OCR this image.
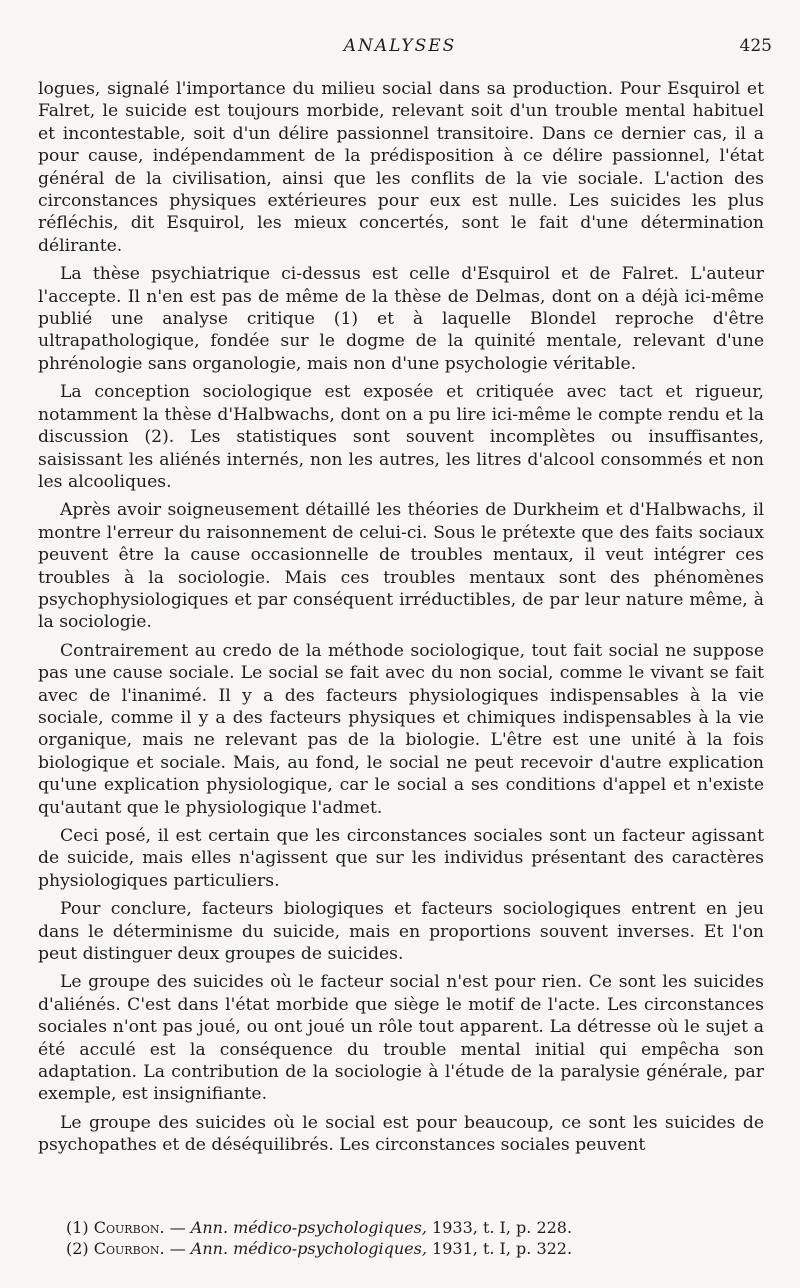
ANALYSES	425

logues, signalé l'importance du milieu social dans sa production. Pour Esquirol et Falret, le suicide est toujours morbide, relevant soit d'un trouble mental habituel et incontestable, soit d'un délire passionnel transitoire. Dans ce dernier cas, il a pour cause, indépendamment de la prédisposition à ce délire passionnel, l'état général de la civilisation, ainsi que les conflits de la vie sociale. L'action des circonstances physiques extérieures pour eux est nulle. Les suicides les plus réfléchis, dit Esquirol, les mieux concertés, sont le fait d'une détermination délirante.

La thèse psychiatrique ci-dessus est celle d'Esquirol et de Falret. L'auteur l'accepte. Il n'en est pas de même de la thèse de Delmas, dont on a déjà ici-même publié une analyse critique (1) et à laquelle Blondel reproche d'être ultrapathologique, fondée sur le dogme de la quinité mentale, relevant d'une phrénologie sans organologie, mais non d'une psychologie véritable.

La conception sociologique est exposée et critiquée avec tact et rigueur, notamment la thèse d'Halbwachs, dont on a pu lire ici-même le compte rendu et la discussion (2). Les statistiques sont souvent incomplètes ou insuffisantes, saisissant les aliénés internés, non les autres, les litres d'alcool consommés et non les alcooliques.

Après avoir soigneusement détaillé les théories de Durkheim et d'Halbwachs, il montre l'erreur du raisonnement de celui-ci. Sous le prétexte que des faits sociaux peuvent être la cause occasionnelle de troubles mentaux, il veut intégrer ces troubles à la sociologie. Mais ces troubles mentaux sont des phénomènes psychophysiologiques et par conséquent irréductibles, de par leur nature même, à la sociologie.

Contrairement au credo de la méthode sociologique, tout fait social ne suppose pas une cause sociale. Le social se fait avec du non social, comme le vivant se fait avec de l'inanimé. Il y a des facteurs physiologiques indispensables à la vie sociale, comme il y a des facteurs physiques et chimiques indispensables à la vie organique, mais ne relevant pas de la biologie. L'être est une unité à la fois biologique et sociale. Mais, au fond, le social ne peut recevoir d'autre explication qu'une explication physiologique, car le social a ses conditions d'appel et n'existe qu'autant que le physiologique l'admet.

Ceci posé, il est certain que les circonstances sociales sont un facteur agissant de suicide, mais elles n'agissent que sur les individus présentant des caractères physiologiques particuliers.

Pour conclure, facteurs biologiques et facteurs sociologiques entrent en jeu dans le déterminisme du suicide, mais en proportions souvent inverses. Et l'on peut distinguer deux groupes de suicides.

Le groupe des suicides où le facteur social n'est pour rien. Ce sont les suicides d'aliénés. C'est dans l'état morbide que siège le motif de l'acte. Les circonstances sociales n'ont pas joué, ou ont joué un rôle tout apparent. La détresse où le sujet a été acculé est la conséquence du trouble mental initial qui empêcha son adaptation. La contribution de la sociologie à l'étude de la paralysie générale, par exemple, est insignifiante.

Le groupe des suicides où le social est pour beaucoup, ce sont les suicides de psychopathes et de déséquilibrés. Les circonstances sociales peuvent

(1) Courbon. — Ann. médico-psychologiques, 1933, t. I, p. 228.
(2) Courbon. — Ann. médico-psychologiques, 1931, t. I, p. 322.
